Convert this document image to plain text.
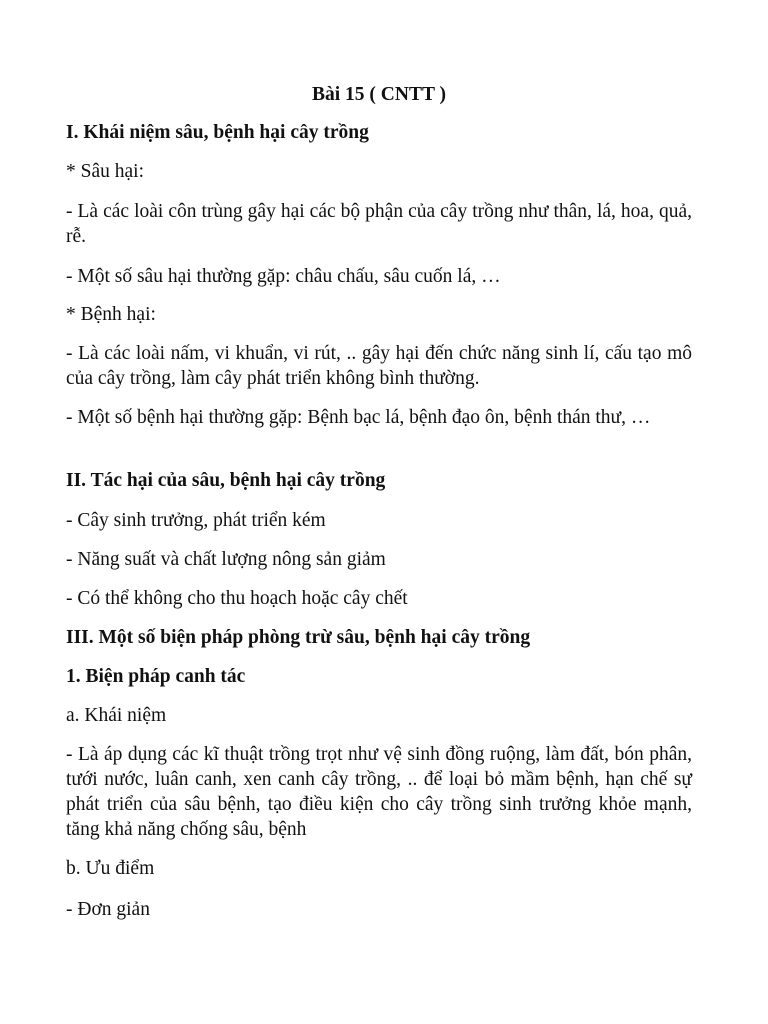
Bài 15 ( CNTT )
I. Khái niệm sâu, bệnh hại cây trồng
* Sâu hại:
- Là các loài côn trùng gây hại các bộ phận của cây trồng như thân, lá, hoa, quả, rễ.
- Một số sâu hại thường gặp: châu chấu, sâu cuốn lá, …
* Bệnh hại:
- Là các loài nấm, vi khuẩn, vi rút, .. gây hại đến chức năng sinh lí, cấu tạo mô của cây trồng, làm cây phát triển không bình thường.
- Một số bệnh hại thường gặp: Bệnh bạc lá, bệnh đạo ôn, bệnh thán thư, …
II. Tác hại của sâu, bệnh hại cây trồng
- Cây sinh trưởng, phát triển kém
- Năng suất và chất lượng nông sản giảm
- Có thể không cho thu hoạch hoặc cây chết
III. Một số biện pháp phòng trừ sâu, bệnh hại cây trồng
1. Biện pháp canh tác
a. Khái niệm
- Là áp dụng các kĩ thuật trồng trọt như vệ sinh đồng ruộng, làm đất, bón phân, tưới nước, luân canh, xen canh cây trồng, .. để loại bỏ mầm bệnh, hạn chế sự phát triển của sâu bệnh, tạo điều kiện cho cây trồng sinh trưởng khỏe mạnh, tăng khả năng chống sâu, bệnh
b. Ưu điểm
- Đơn giản
